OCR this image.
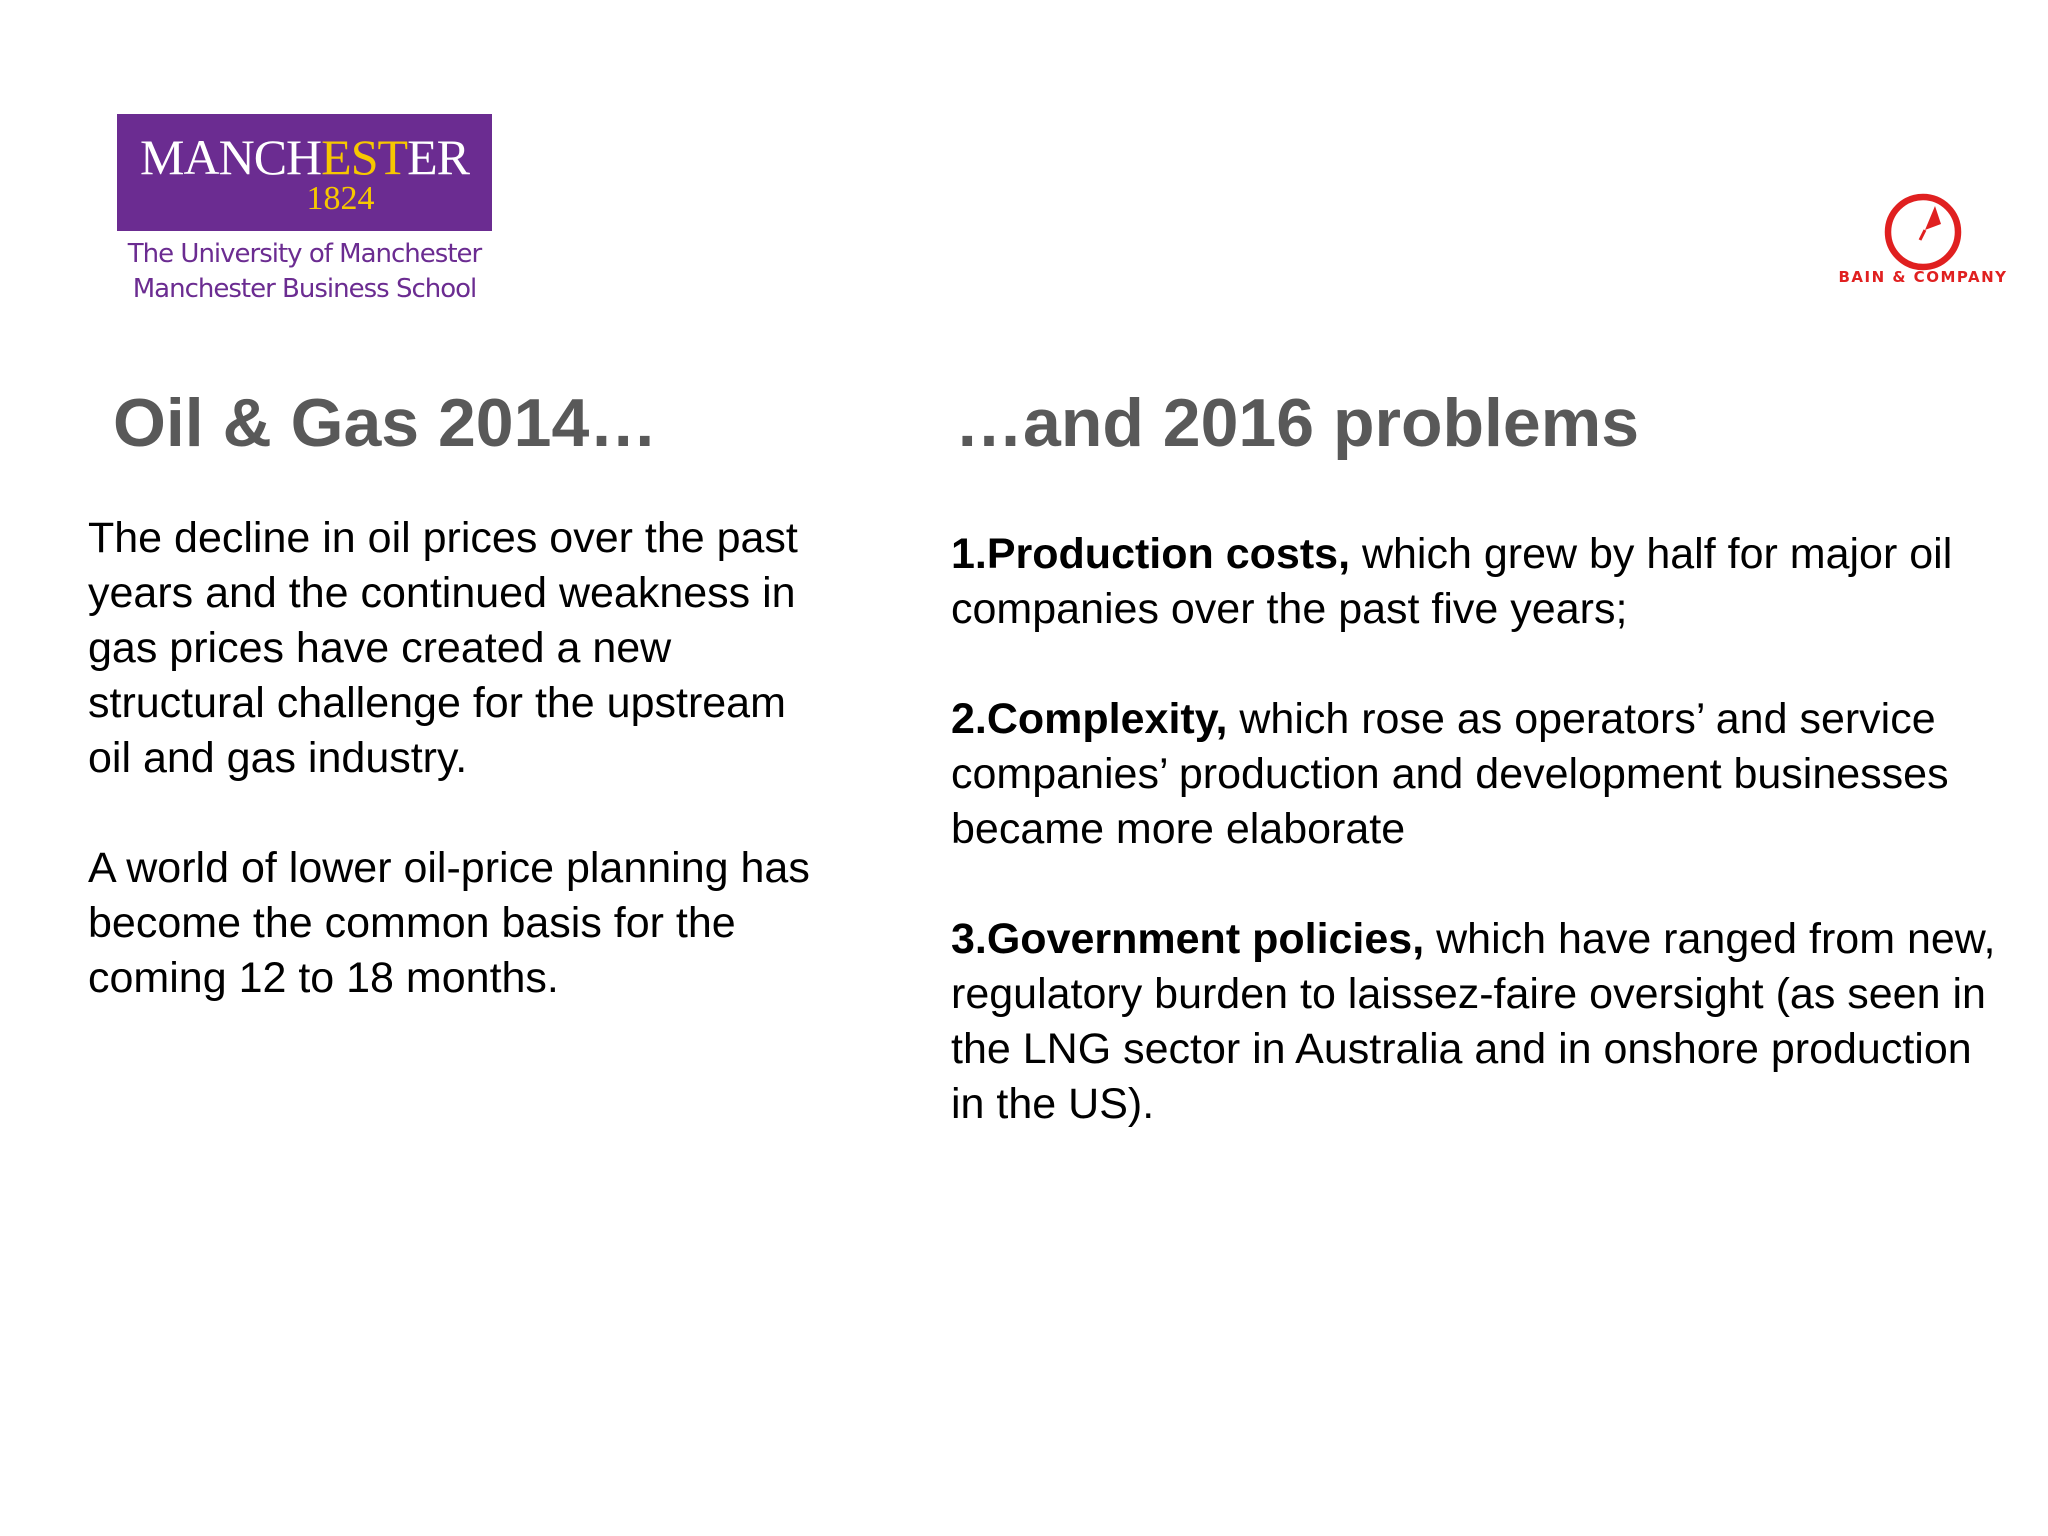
MANCHESTER
1824
The University of Manchester
Manchester Business School	BAIN & COMPANY
Oil & Gas 2014…	…and 2016 problems

The decline in oil prices over the past years and the continued weakness in gas prices have created a new structural challenge for the upstream oil and gas industry.

A world of lower oil-price planning has become the common basis for the coming 12 to 18 months.

1.Production costs, which grew by half for major oil companies over the past five years;

2.Complexity, which rose as operators’ and service companies’ production and development businesses became more elaborate

3.Government policies, which have ranged from new, regulatory burden to laissez-faire oversight (as seen in the LNG sector in Australia and in onshore production in the US).
